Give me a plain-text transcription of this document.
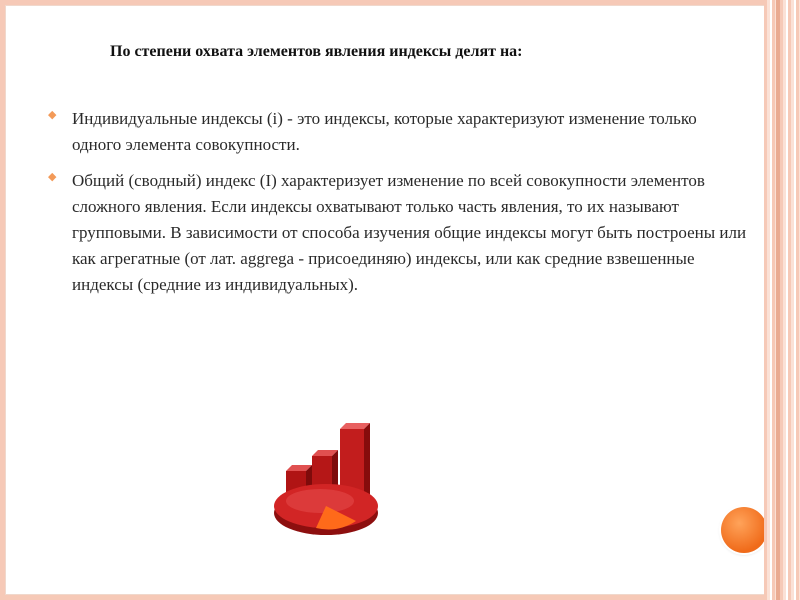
По степени охвата элементов явления индексы делят на:
◆ Индивидуальные индексы (i) - это индексы, которые характеризуют изменение только одного элемента совокупности.
◆ Общий (сводный) индекс (I) характеризует изменение по всей совокупности элементов сложного явления. Если индексы охватывают только часть явления, то их называют групповыми. В зависимости от способа изучения общие индексы могут быть построены или как агрегатные (от лат. aggrega - присоединяю) индексы, или как средние взвешенные индексы (средние из индивидуальных).
